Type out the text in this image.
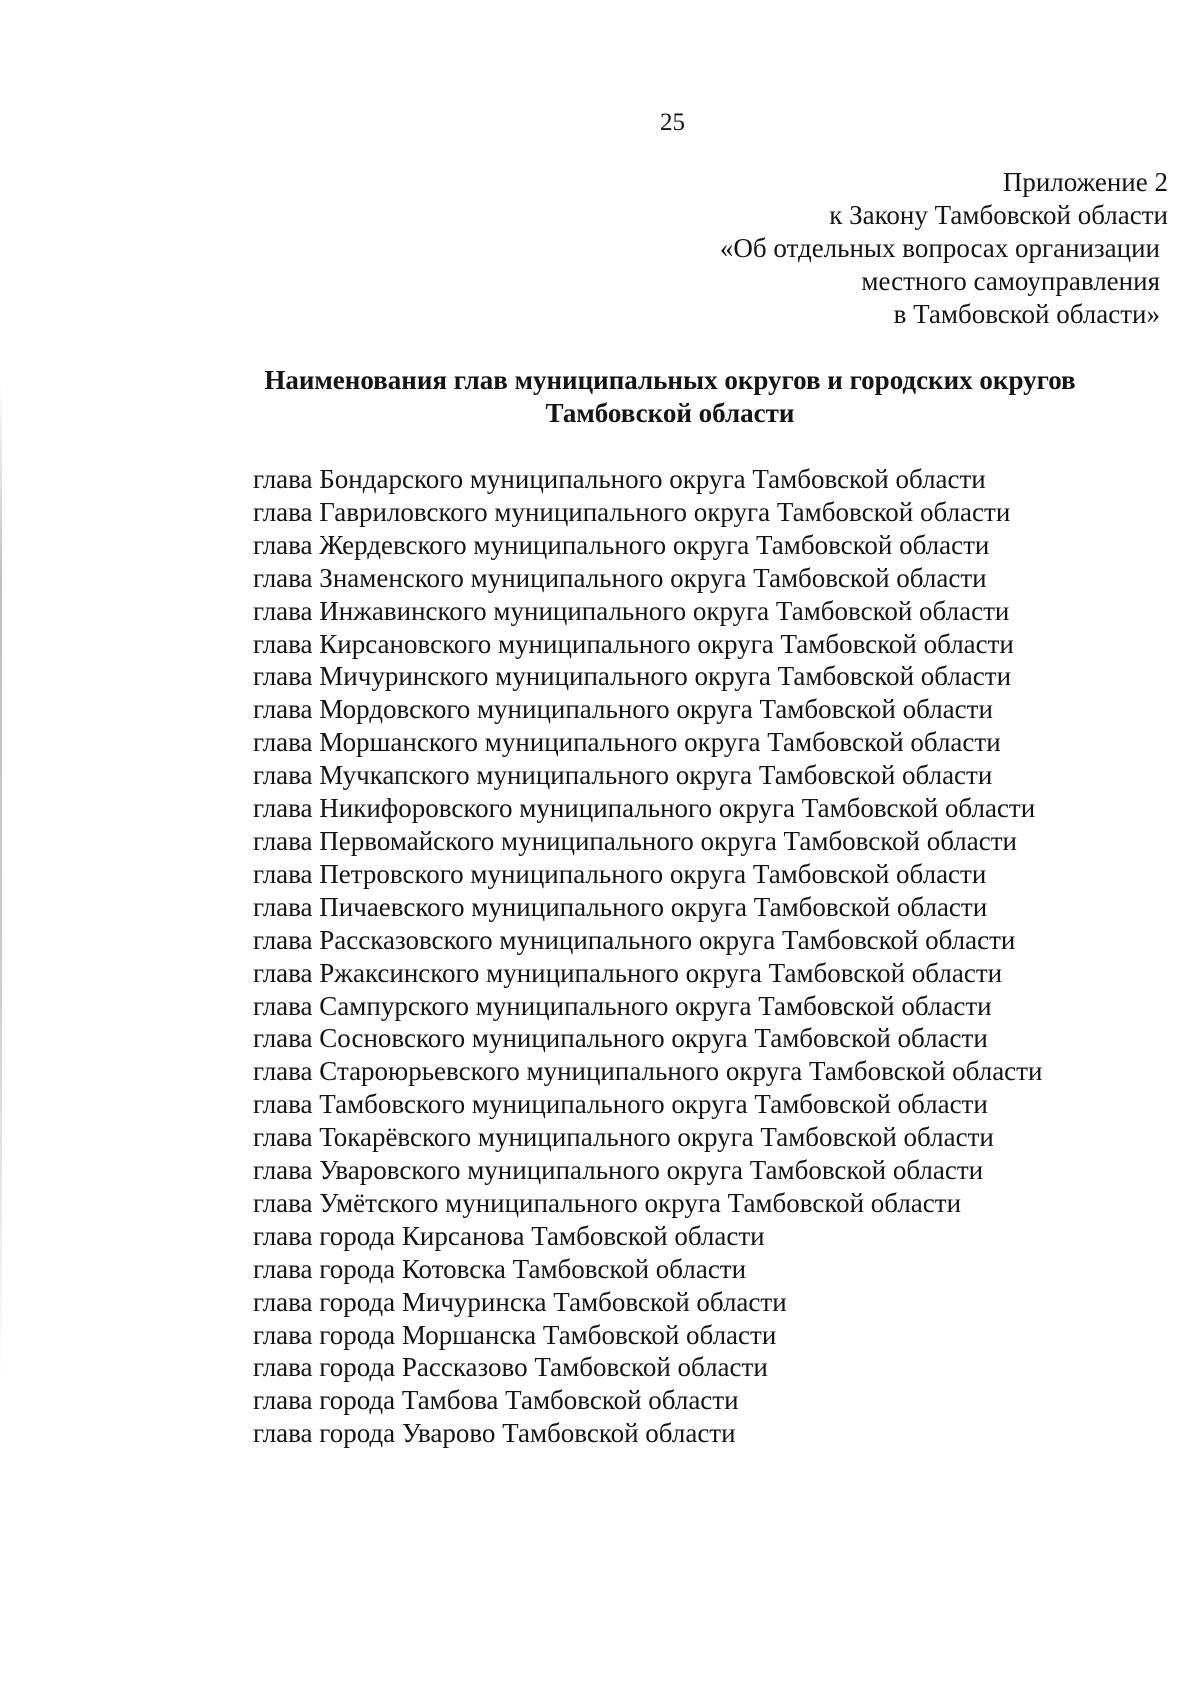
25
Приложение 2
к Закону Тамбовской области
«Об отдельных вопросах организации
местного самоуправления
в Тамбовской области»
Наименования глав муниципальных округов и городских округов
Тамбовской области
глава Бондарского муниципального округа Тамбовской области
глава Гавриловского муниципального округа Тамбовской области
глава Жердевского муниципального округа Тамбовской области
глава Знаменского муниципального округа Тамбовской области
глава Инжавинского муниципального округа Тамбовской области
глава Кирсановского муниципального округа Тамбовской области
глава Мичуринского муниципального округа Тамбовской области
глава Мордовского муниципального округа Тамбовской области
глава Моршанского муниципального округа Тамбовской области
глава Мучкапского муниципального округа Тамбовской области
глава Никифоровского муниципального округа Тамбовской области
глава Первомайского муниципального округа Тамбовской области
глава Петровского муниципального округа Тамбовской области
глава Пичаевского муниципального округа Тамбовской области
глава Рассказовского муниципального округа Тамбовской области
глава Ржаксинского муниципального округа Тамбовской области
глава Сампурского муниципального округа Тамбовской области
глава Сосновского муниципального округа Тамбовской области
глава Староюрьевского муниципального округа Тамбовской области
глава Тамбовского муниципального округа Тамбовской области
глава Токарёвского муниципального округа Тамбовской области
глава Уваровского муниципального округа Тамбовской области
глава Умётского муниципального округа Тамбовской области
глава города Кирсанова Тамбовской области
глава города Котовска Тамбовской области
глава города Мичуринска Тамбовской области
глава города Моршанска Тамбовской области
глава города Рассказово Тамбовской области
глава города Тамбова Тамбовской области
глава города Уварово Тамбовской области
